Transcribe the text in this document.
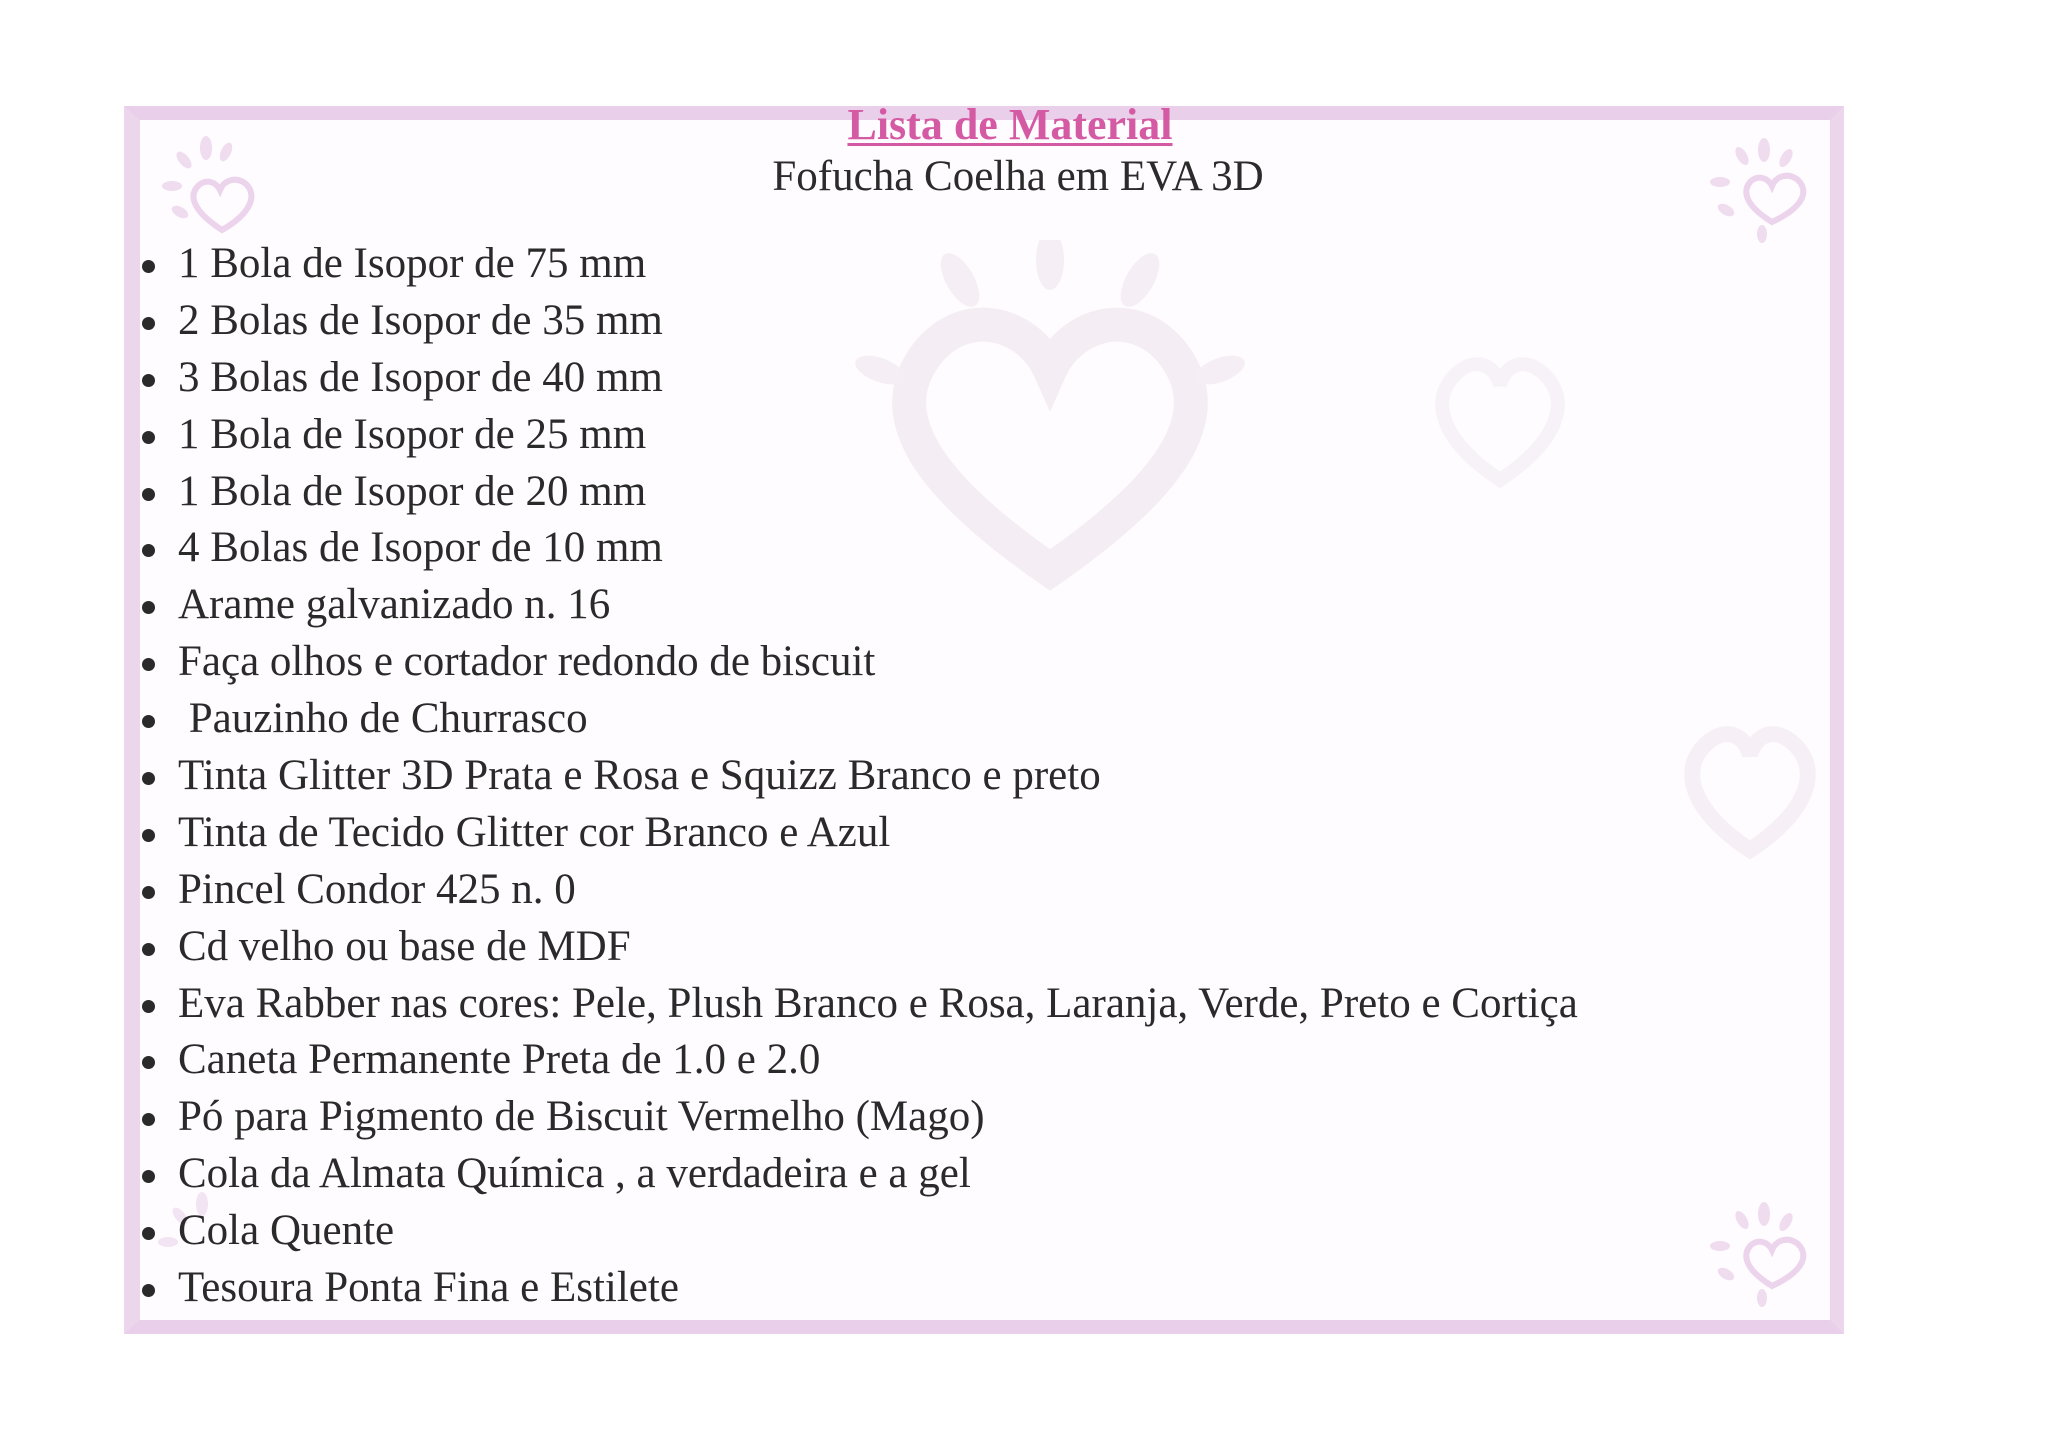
Lista de Material
Fofucha Coelha em EVA 3D
1 Bola de Isopor de 75 mm
2 Bolas de Isopor de 35 mm
3 Bolas de Isopor de 40 mm
1 Bola de Isopor de 25 mm
1 Bola de Isopor de 20 mm
4 Bolas de Isopor de 10 mm
Arame galvanizado n. 16
Faça olhos e cortador redondo de biscuit
Pauzinho de Churrasco
Tinta Glitter 3D Prata e Rosa e Squizz Branco e preto
Tinta de Tecido Glitter cor Branco e Azul
Pincel Condor 425 n. 0
Cd velho ou base de MDF
Eva Rabber nas cores: Pele, Plush Branco e Rosa, Laranja, Verde, Preto e Cortiça
Caneta Permanente Preta de 1.0 e 2.0
Pó para Pigmento de Biscuit Vermelho (Mago)
Cola da Almata Química , a verdadeira e a gel
Cola Quente
Tesoura Ponta Fina e Estilete
